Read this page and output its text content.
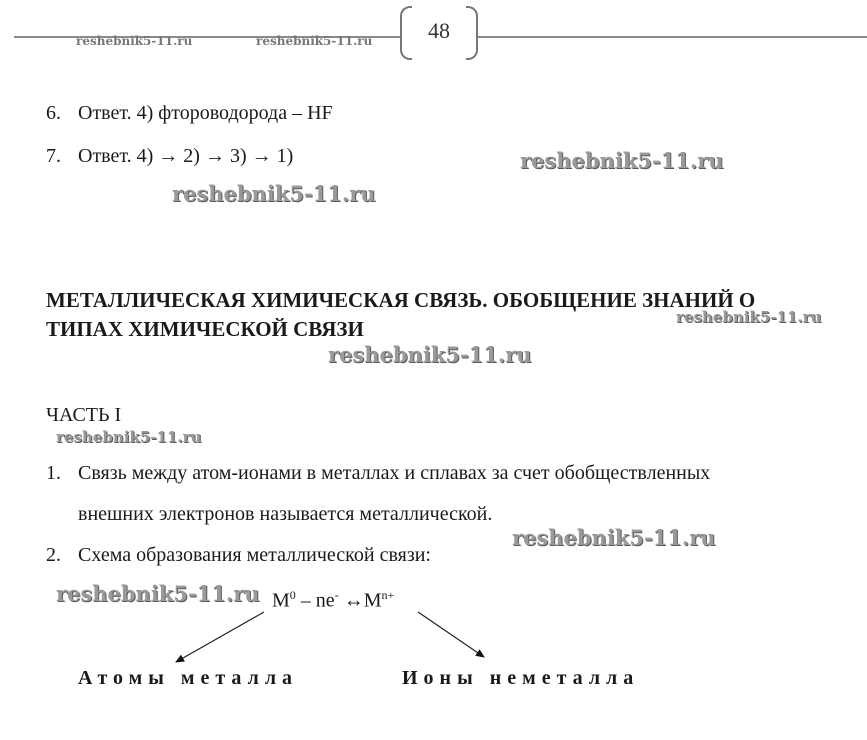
48
reshebnik5-11.ru	reshebnik5-11.ru
reshebnik5-11.ru
reshebnik5-11.ru
reshebnik5-11.ru
reshebnik5-11.ru
reshebnik5-11.ru
reshebnik5-11.ru
reshebnik5-11.ru
6. Ответ. 4) фтороводорода – HF
7. Ответ. 4) → 2) → 3) → 1)
МЕТАЛЛИЧЕСКАЯ ХИМИЧЕСКАЯ СВЯЗЬ. ОБОБЩЕНИЕ ЗНАНИЙ О
ТИПАХ ХИМИЧЕСКОЙ СВЯЗИ
ЧАСТЬ I
1. Связь между атом-ионами в металлах и сплавах за счет обобществленных
внешних электронов называется металлической.
2. Схема образования металлической связи:
$M^0 - ne^-$ $\leftrightarrow M^{n+}$
Атомы металла	Ионы неметалла
